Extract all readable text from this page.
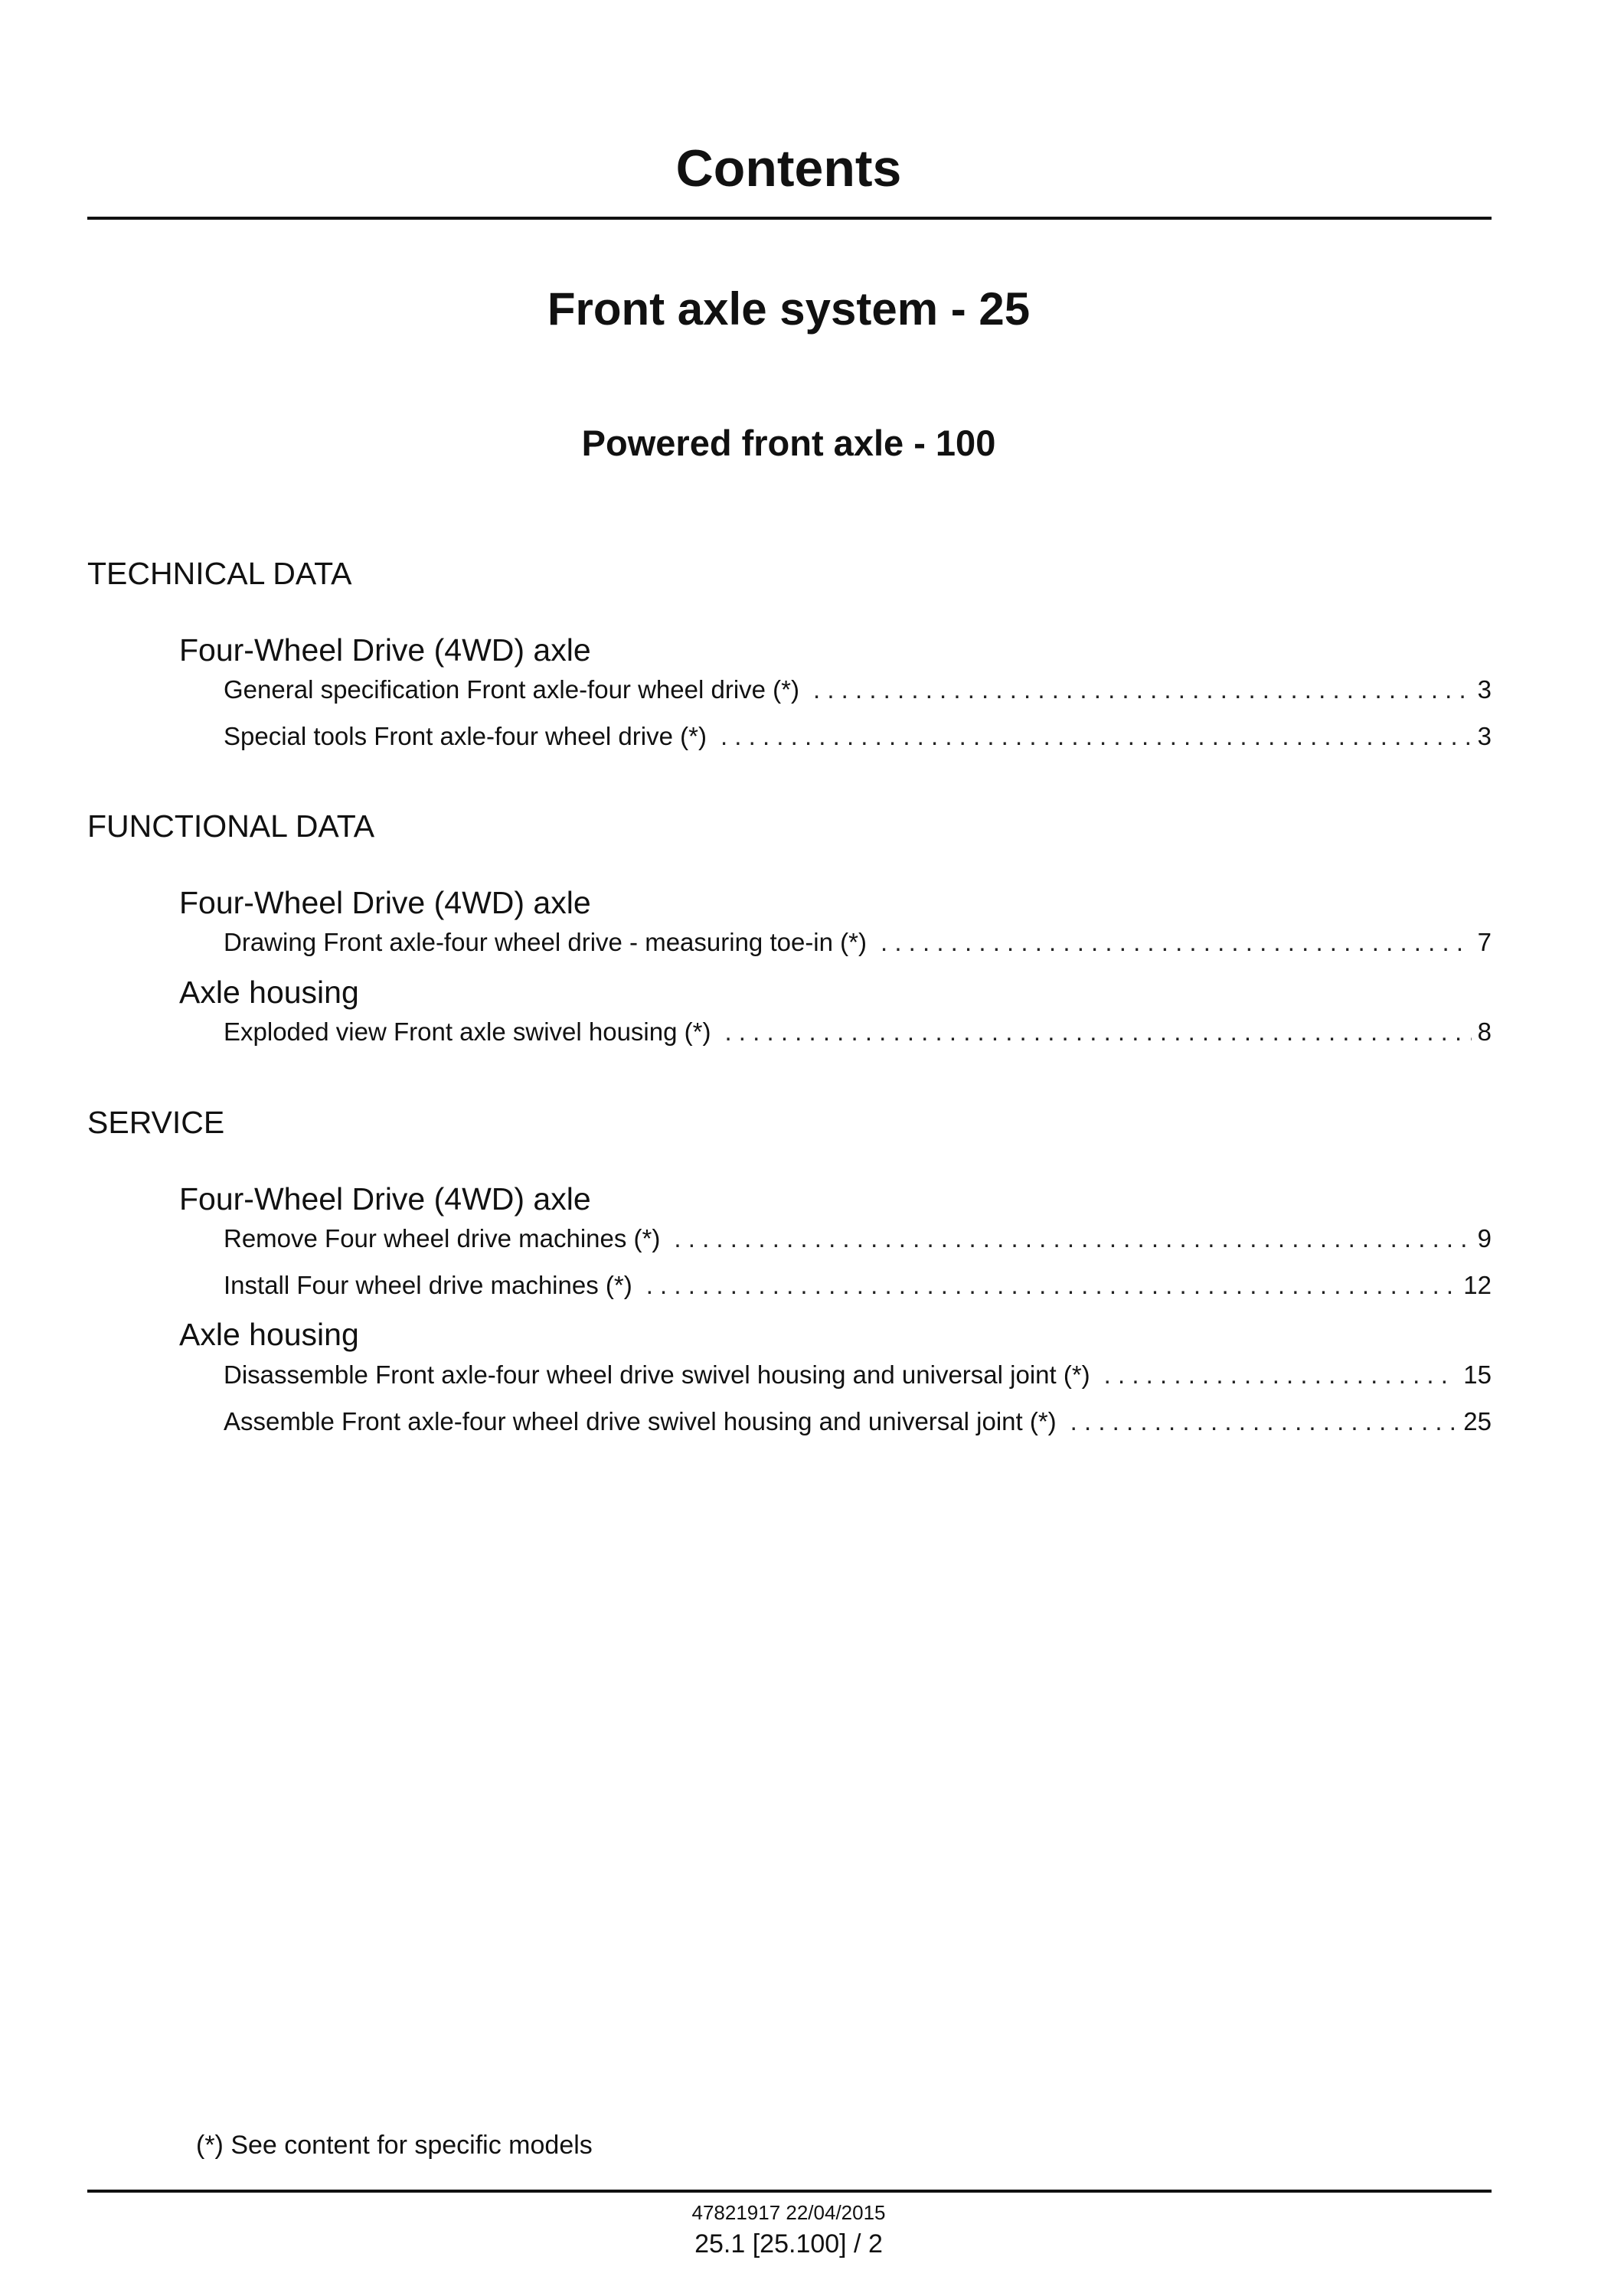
Contents
Front axle system - 25
Powered front axle - 100
TECHNICAL DATA
Four-Wheel Drive (4WD) axle
General specification Front axle-four wheel drive (*) . . .	3
Special tools Front axle-four wheel drive (*) . . .	3
FUNCTIONAL DATA
Four-Wheel Drive (4WD) axle
Drawing Front axle-four wheel drive - measuring toe-in (*) . . .	7
Axle housing
Exploded view Front axle swivel housing (*) . . .	8
SERVICE
Four-Wheel Drive (4WD) axle
Remove Four wheel drive machines (*) . . .	9
Install Four wheel drive machines (*) . . .	12
Axle housing
Disassemble Front axle-four wheel drive swivel housing and universal joint (*) . . .	15
Assemble Front axle-four wheel drive swivel housing and universal joint (*) . . .	25
(*) See content for specific models
47821917 22/04/2015
25.1 [25.100] / 2
